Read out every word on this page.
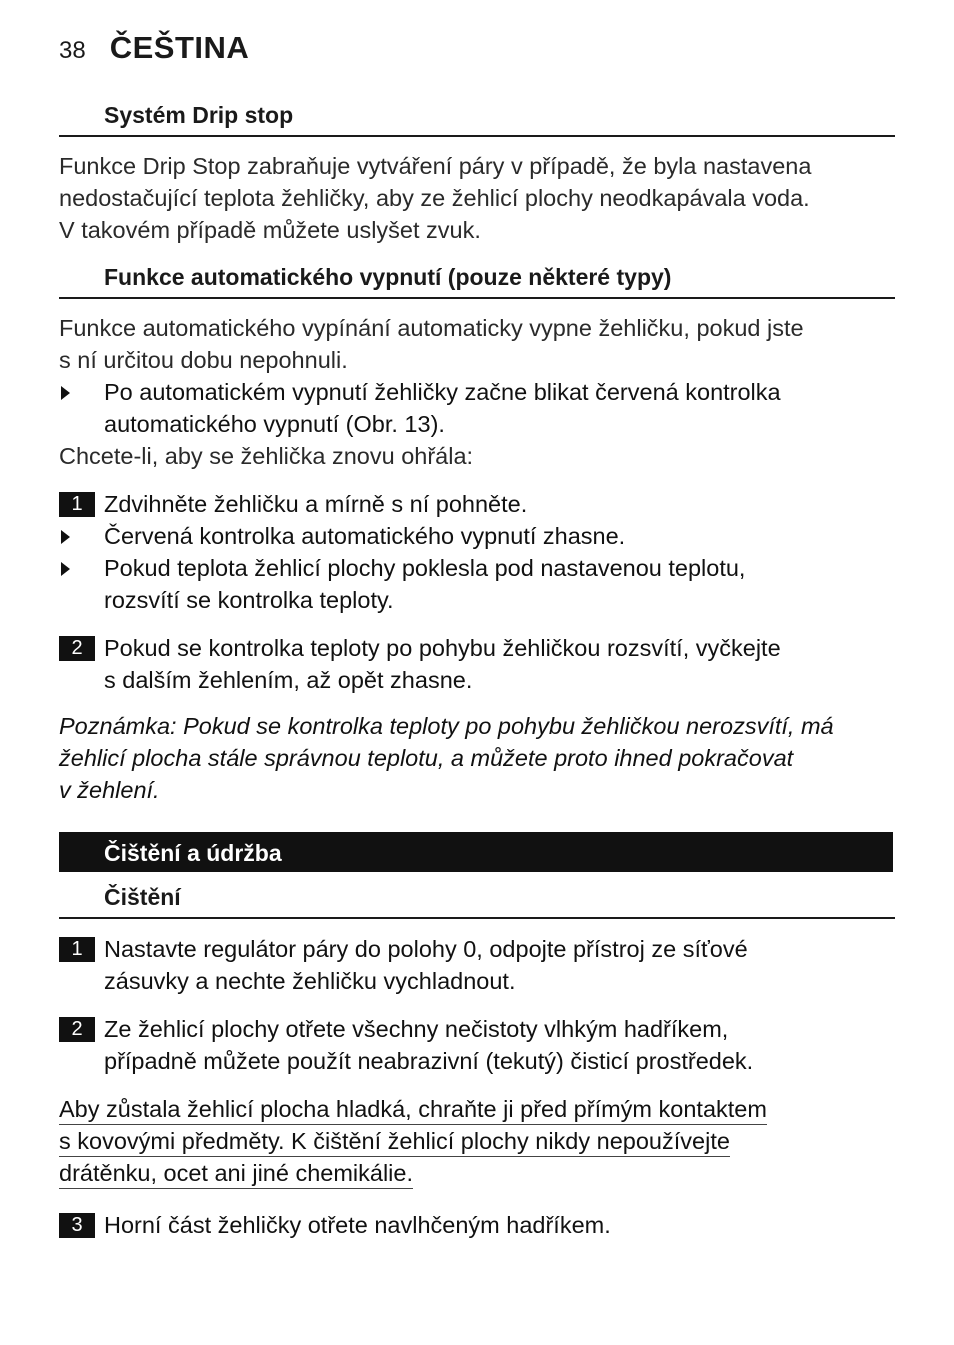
38 ČEŠTINA
Systém Drip stop
Funkce Drip Stop zabraňuje vytváření páry v případě, že byla nastavena
nedostačující teplota žehličky, aby ze žehlicí plochy neodkapávala voda.
V takovém případě můžete uslyšet zvuk.
Funkce automatického vypnutí (pouze některé typy)
Funkce automatického vypínání automaticky vypne žehličku, pokud jste
s ní určitou dobu nepohnuli.
Po automatickém vypnutí žehličky začne blikat červená kontrolka
automatického vypnutí (Obr. 13).
Chcete-li, aby se žehlička znovu ohřála:
1 Zdvihněte žehličku a mírně s ní pohněte.
Červená kontrolka automatického vypnutí zhasne.
Pokud teplota žehlicí plochy poklesla pod nastavenou teplotu,
rozsvítí se kontrolka teploty.
2 Pokud se kontrolka teploty po pohybu žehličkou rozsvítí, vyčkejte
s dalším žehlením, až opět zhasne.
Poznámka: Pokud se kontrolka teploty po pohybu žehličkou nerozsvítí, má
žehlicí plocha stále správnou teplotu, a můžete proto ihned pokračovat
v žehlení.
Čištění a údržba
Čištění
1 Nastavte regulátor páry do polohy 0, odpojte přístroj ze síťové
zásuvky a nechte žehličku vychladnout.
2 Ze žehlicí plochy otřete všechny nečistoty vlhkým hadříkem,
případně můžete použít neabrazivní (tekutý) čisticí prostředek.
Aby zůstala žehlicí plocha hladká, chraňte ji před přímým kontaktem
s kovovými předměty. K čištění žehlicí plochy nikdy nepoužívejte
drátěnku, ocet ani jiné chemikálie.
3 Horní část žehličky otřete navlhčeným hadříkem.
